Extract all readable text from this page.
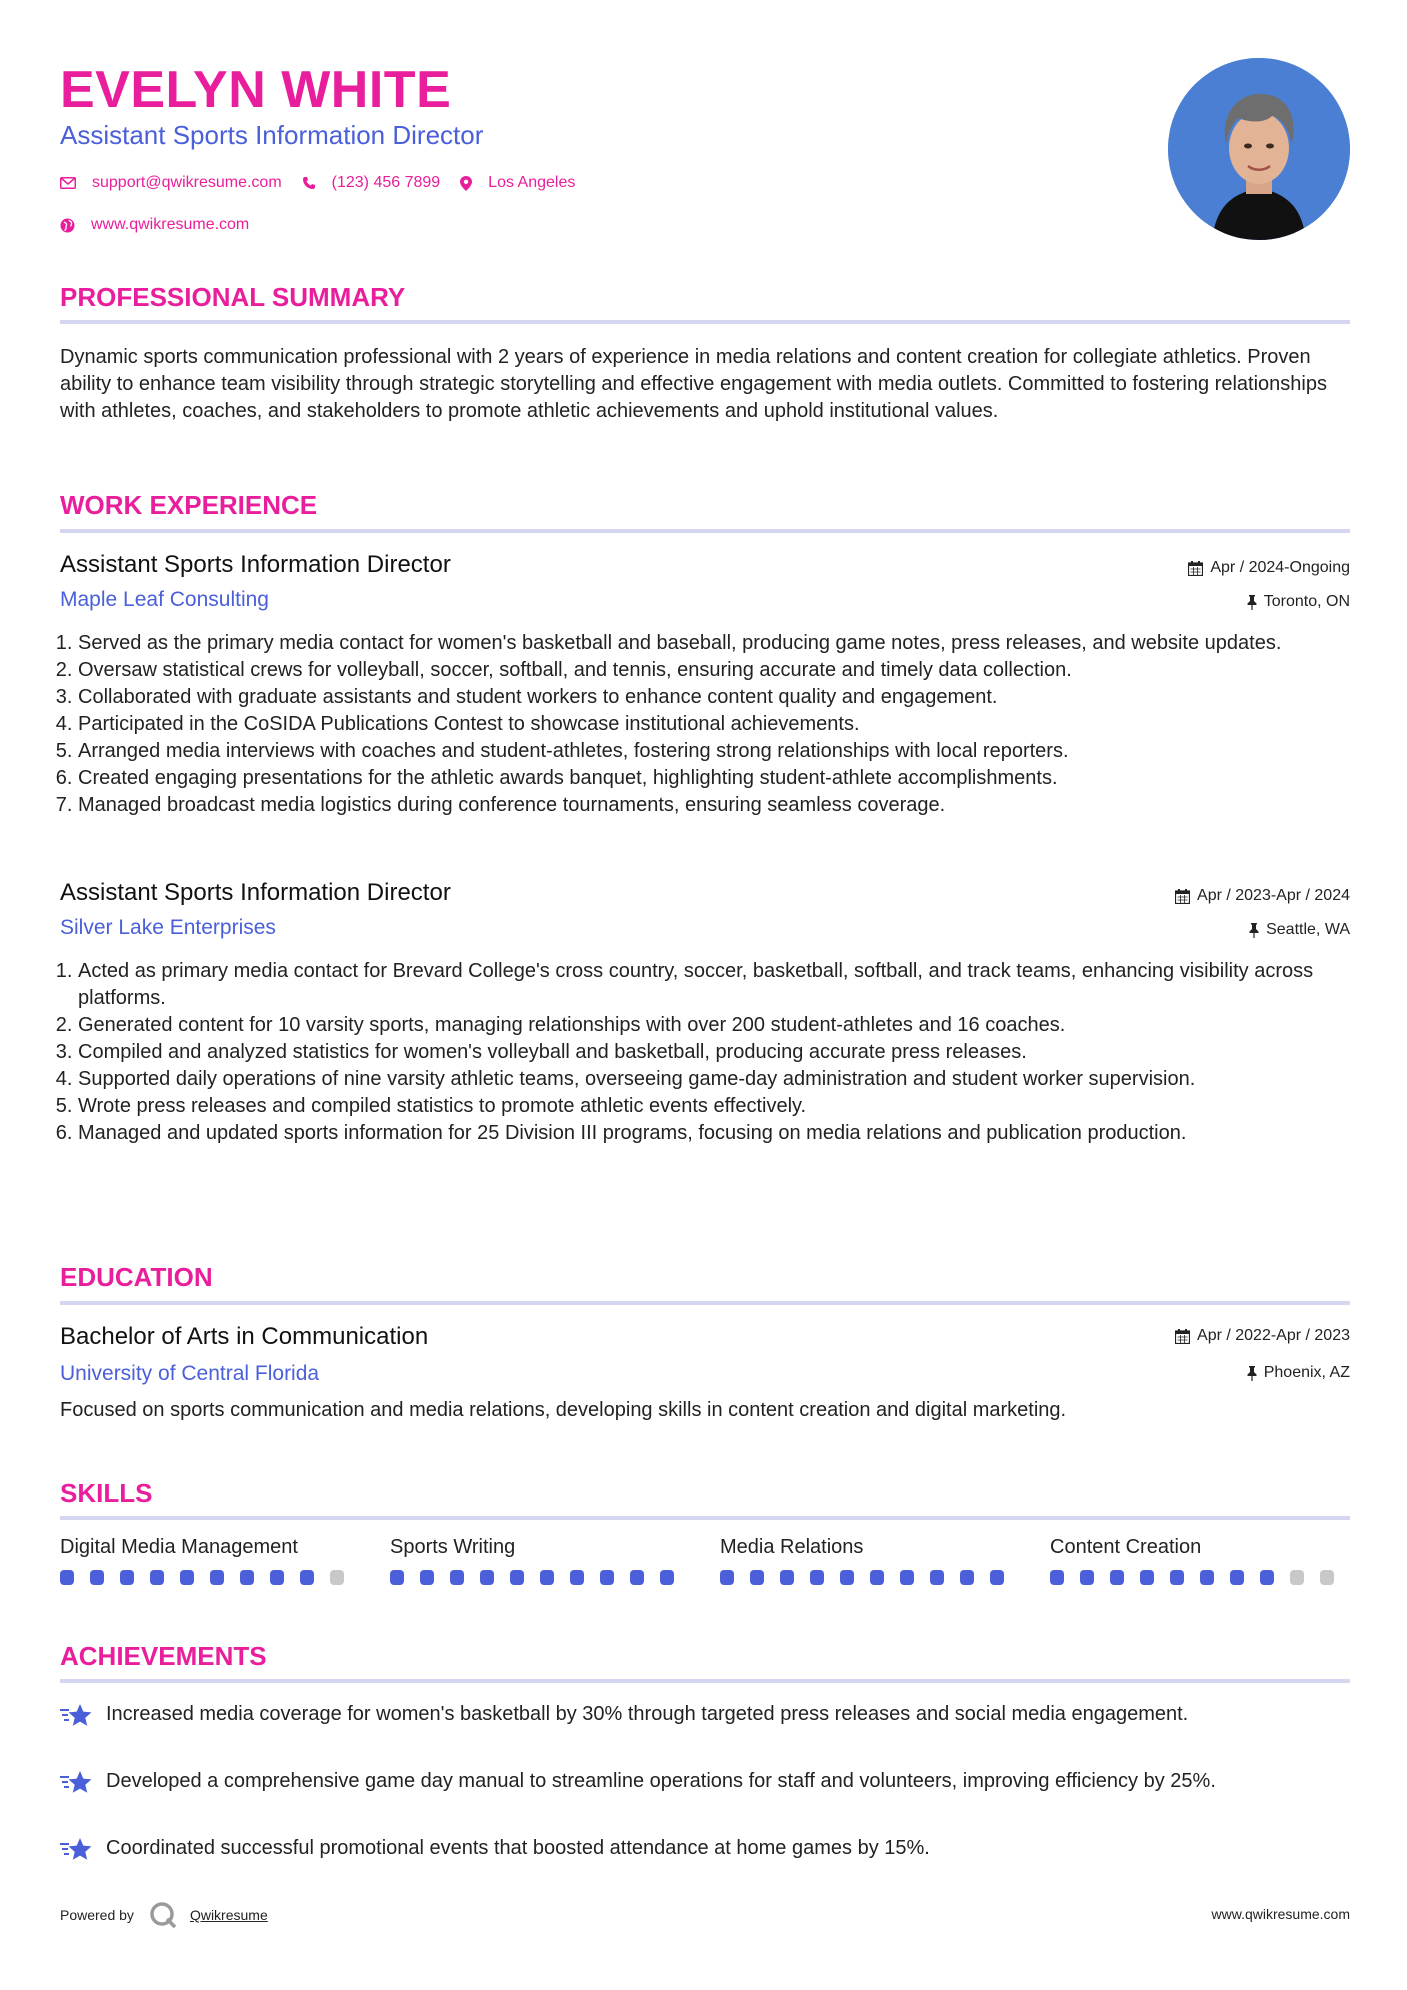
EVELYN WHITE
Assistant Sports Information Director
support@qwikresume.com	(123) 456 7899	Los Angeles
www.qwikresume.com
PROFESSIONAL SUMMARY
Dynamic sports communication professional with 2 years of experience in media relations and content creation for collegiate athletics. Proven ability to enhance team visibility through strategic storytelling and effective engagement with media outlets. Committed to fostering relationships with athletes, coaches, and stakeholders to promote athletic achievements and uphold institutional values.
WORK EXPERIENCE
Assistant Sports Information Director	Apr / 2024-Ongoing
Maple Leaf Consulting	Toronto, ON
1. Served as the primary media contact for women's basketball and baseball, producing game notes, press releases, and website updates.
2. Oversaw statistical crews for volleyball, soccer, softball, and tennis, ensuring accurate and timely data collection.
3. Collaborated with graduate assistants and student workers to enhance content quality and engagement.
4. Participated in the CoSIDA Publications Contest to showcase institutional achievements.
5. Arranged media interviews with coaches and student-athletes, fostering strong relationships with local reporters.
6. Created engaging presentations for the athletic awards banquet, highlighting student-athlete accomplishments.
7. Managed broadcast media logistics during conference tournaments, ensuring seamless coverage.
Assistant Sports Information Director	Apr / 2023-Apr / 2024
Silver Lake Enterprises	Seattle, WA
1. Acted as primary media contact for Brevard College's cross country, soccer, basketball, softball, and track teams, enhancing visibility across platforms.
2. Generated content for 10 varsity sports, managing relationships with over 200 student-athletes and 16 coaches.
3. Compiled and analyzed statistics for women's volleyball and basketball, producing accurate press releases.
4. Supported daily operations of nine varsity athletic teams, overseeing game-day administration and student worker supervision.
5. Wrote press releases and compiled statistics to promote athletic events effectively.
6. Managed and updated sports information for 25 Division III programs, focusing on media relations and publication production.
EDUCATION
Bachelor of Arts in Communication	Apr / 2022-Apr / 2023
University of Central Florida	Phoenix, AZ
Focused on sports communication and media relations, developing skills in content creation and digital marketing.
SKILLS
Digital Media Management	Sports Writing	Media Relations	Content Creation
ACHIEVEMENTS
Increased media coverage for women's basketball by 30% through targeted press releases and social media engagement.
Developed a comprehensive game day manual to streamline operations for staff and volunteers, improving efficiency by 25%.
Coordinated successful promotional events that boosted attendance at home games by 15%.
Powered by	Qwikresume	www.qwikresume.com
